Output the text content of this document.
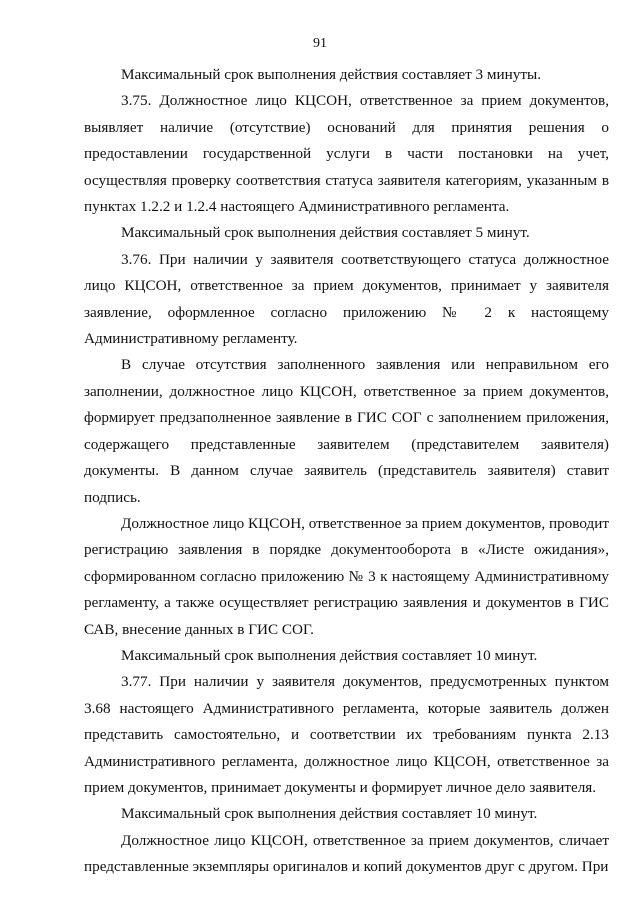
91

Максимальный срок выполнения действия составляет 3 минуты.

3.75. Должностное лицо КЦСОН, ответственное за прием документов, выявляет наличие (отсутствие) оснований для принятия решения о предоставлении государственной услуги в части постановки на учет, осуществляя проверку соответствия статуса заявителя категориям, указанным в пунктах 1.2.2 и 1.2.4 настоящего Административного регламента.

Максимальный срок выполнения действия составляет 5 минут.

3.76. При наличии у заявителя соответствующего статуса должностное лицо КЦСОН, ответственное за прием документов, принимает у заявителя заявление, оформленное согласно приложению № 2 к настоящему Административному регламенту.

В случае отсутствия заполненного заявления или неправильном его заполнении, должностное лицо КЦСОН, ответственное за прием документов, формирует предзаполненное заявление в ГИС СОГ с заполнением приложения, содержащего представленные заявителем (представителем заявителя) документы. В данном случае заявитель (представитель заявителя) ставит подпись.

Должностное лицо КЦСОН, ответственное за прием документов, проводит регистрацию заявления в порядке документооборота в «Листе ожидания», сформированном согласно приложению № 3 к настоящему Административному регламенту, а также осуществляет регистрацию заявления и документов в ГИС САВ, внесение данных в ГИС СОГ.

Максимальный срок выполнения действия составляет 10 минут.

3.77. При наличии у заявителя документов, предусмотренных пунктом 3.68 настоящего Административного регламента, которые заявитель должен представить самостоятельно, и соответствии их требованиям пункта 2.13 Административного регламента, должностное лицо КЦСОН, ответственное за прием документов, принимает документы и формирует личное дело заявителя.

Максимальный срок выполнения действия составляет 10 минут.

Должностное лицо КЦСОН, ответственное за прием документов, сличает представленные экземпляры оригиналов и копий документов друг с другом. При
